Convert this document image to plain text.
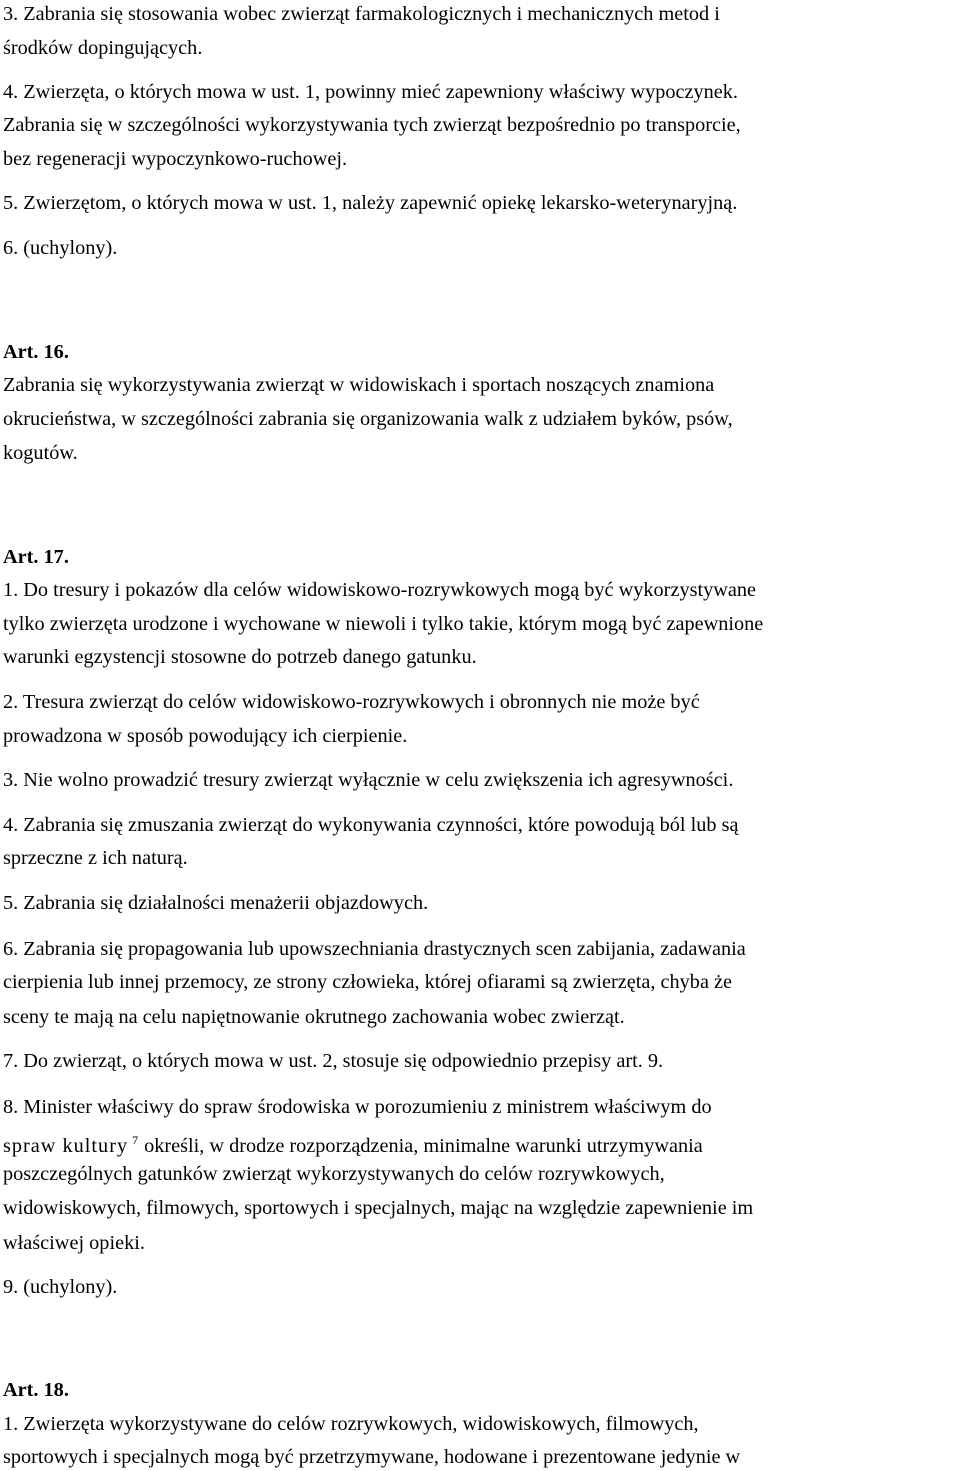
3. Zabrania się stosowania wobec zwierząt farmakologicznych i mechanicznych metod i
środków dopingujących.
4. Zwierzęta, o których mowa w ust. 1, powinny mieć zapewniony właściwy wypoczynek.
Zabrania się w szczególności wykorzystywania tych zwierząt bezpośrednio po transporcie,
bez regeneracji wypoczynkowo-ruchowej.
5. Zwierzętom, o których mowa w ust. 1, należy zapewnić opiekę lekarsko-weterynaryjną.
6. (uchylony).
Art. 16.
Zabrania się wykorzystywania zwierząt w widowiskach i sportach noszących znamiona
okrucieństwa, w szczególności zabrania się organizowania walk z udziałem byków, psów,
kogutów.
Art. 17.
1. Do tresury i pokazów dla celów widowiskowo-rozrywkowych mogą być wykorzystywane
tylko zwierzęta urodzone i wychowane w niewoli i tylko takie, którym mogą być zapewnione
warunki egzystencji stosowne do potrzeb danego gatunku.
2. Tresura zwierząt do celów widowiskowo-rozrywkowych i obronnych nie może być
prowadzona w sposób powodujący ich cierpienie.
3. Nie wolno prowadzić tresury zwierząt wyłącznie w celu zwiększenia ich agresywności.
4. Zabrania się zmuszania zwierząt do wykonywania czynności, które powodują ból lub są
sprzeczne z ich naturą.
5. Zabrania się działalności menażerii objazdowych.
6. Zabrania się propagowania lub upowszechniania drastycznych scen zabijania, zadawania
cierpienia lub innej przemocy, ze strony człowieka, której ofiarami są zwierzęta, chyba że
sceny te mają na celu napiętnowanie okrutnego zachowania wobec zwierząt.
7. Do zwierząt, o których mowa w ust. 2, stosuje się odpowiednio przepisy art. 9.
8. Minister właściwy do spraw środowiska w porozumieniu z ministrem właściwym do
spraw kultury $^7$ określi, w drodze rozporządzenia, minimalne warunki utrzymywania
poszczególnych gatunków zwierząt wykorzystywanych do celów rozrywkowych,
widowiskowych, filmowych, sportowych i specjalnych, mając na względzie zapewnienie im
właściwej opieki.
9. (uchylony).
Art. 18.
1. Zwierzęta wykorzystywane do celów rozrywkowych, widowiskowych, filmowych,
sportowych i specjalnych mogą być przetrzymywane, hodowane i prezentowane jedynie w
